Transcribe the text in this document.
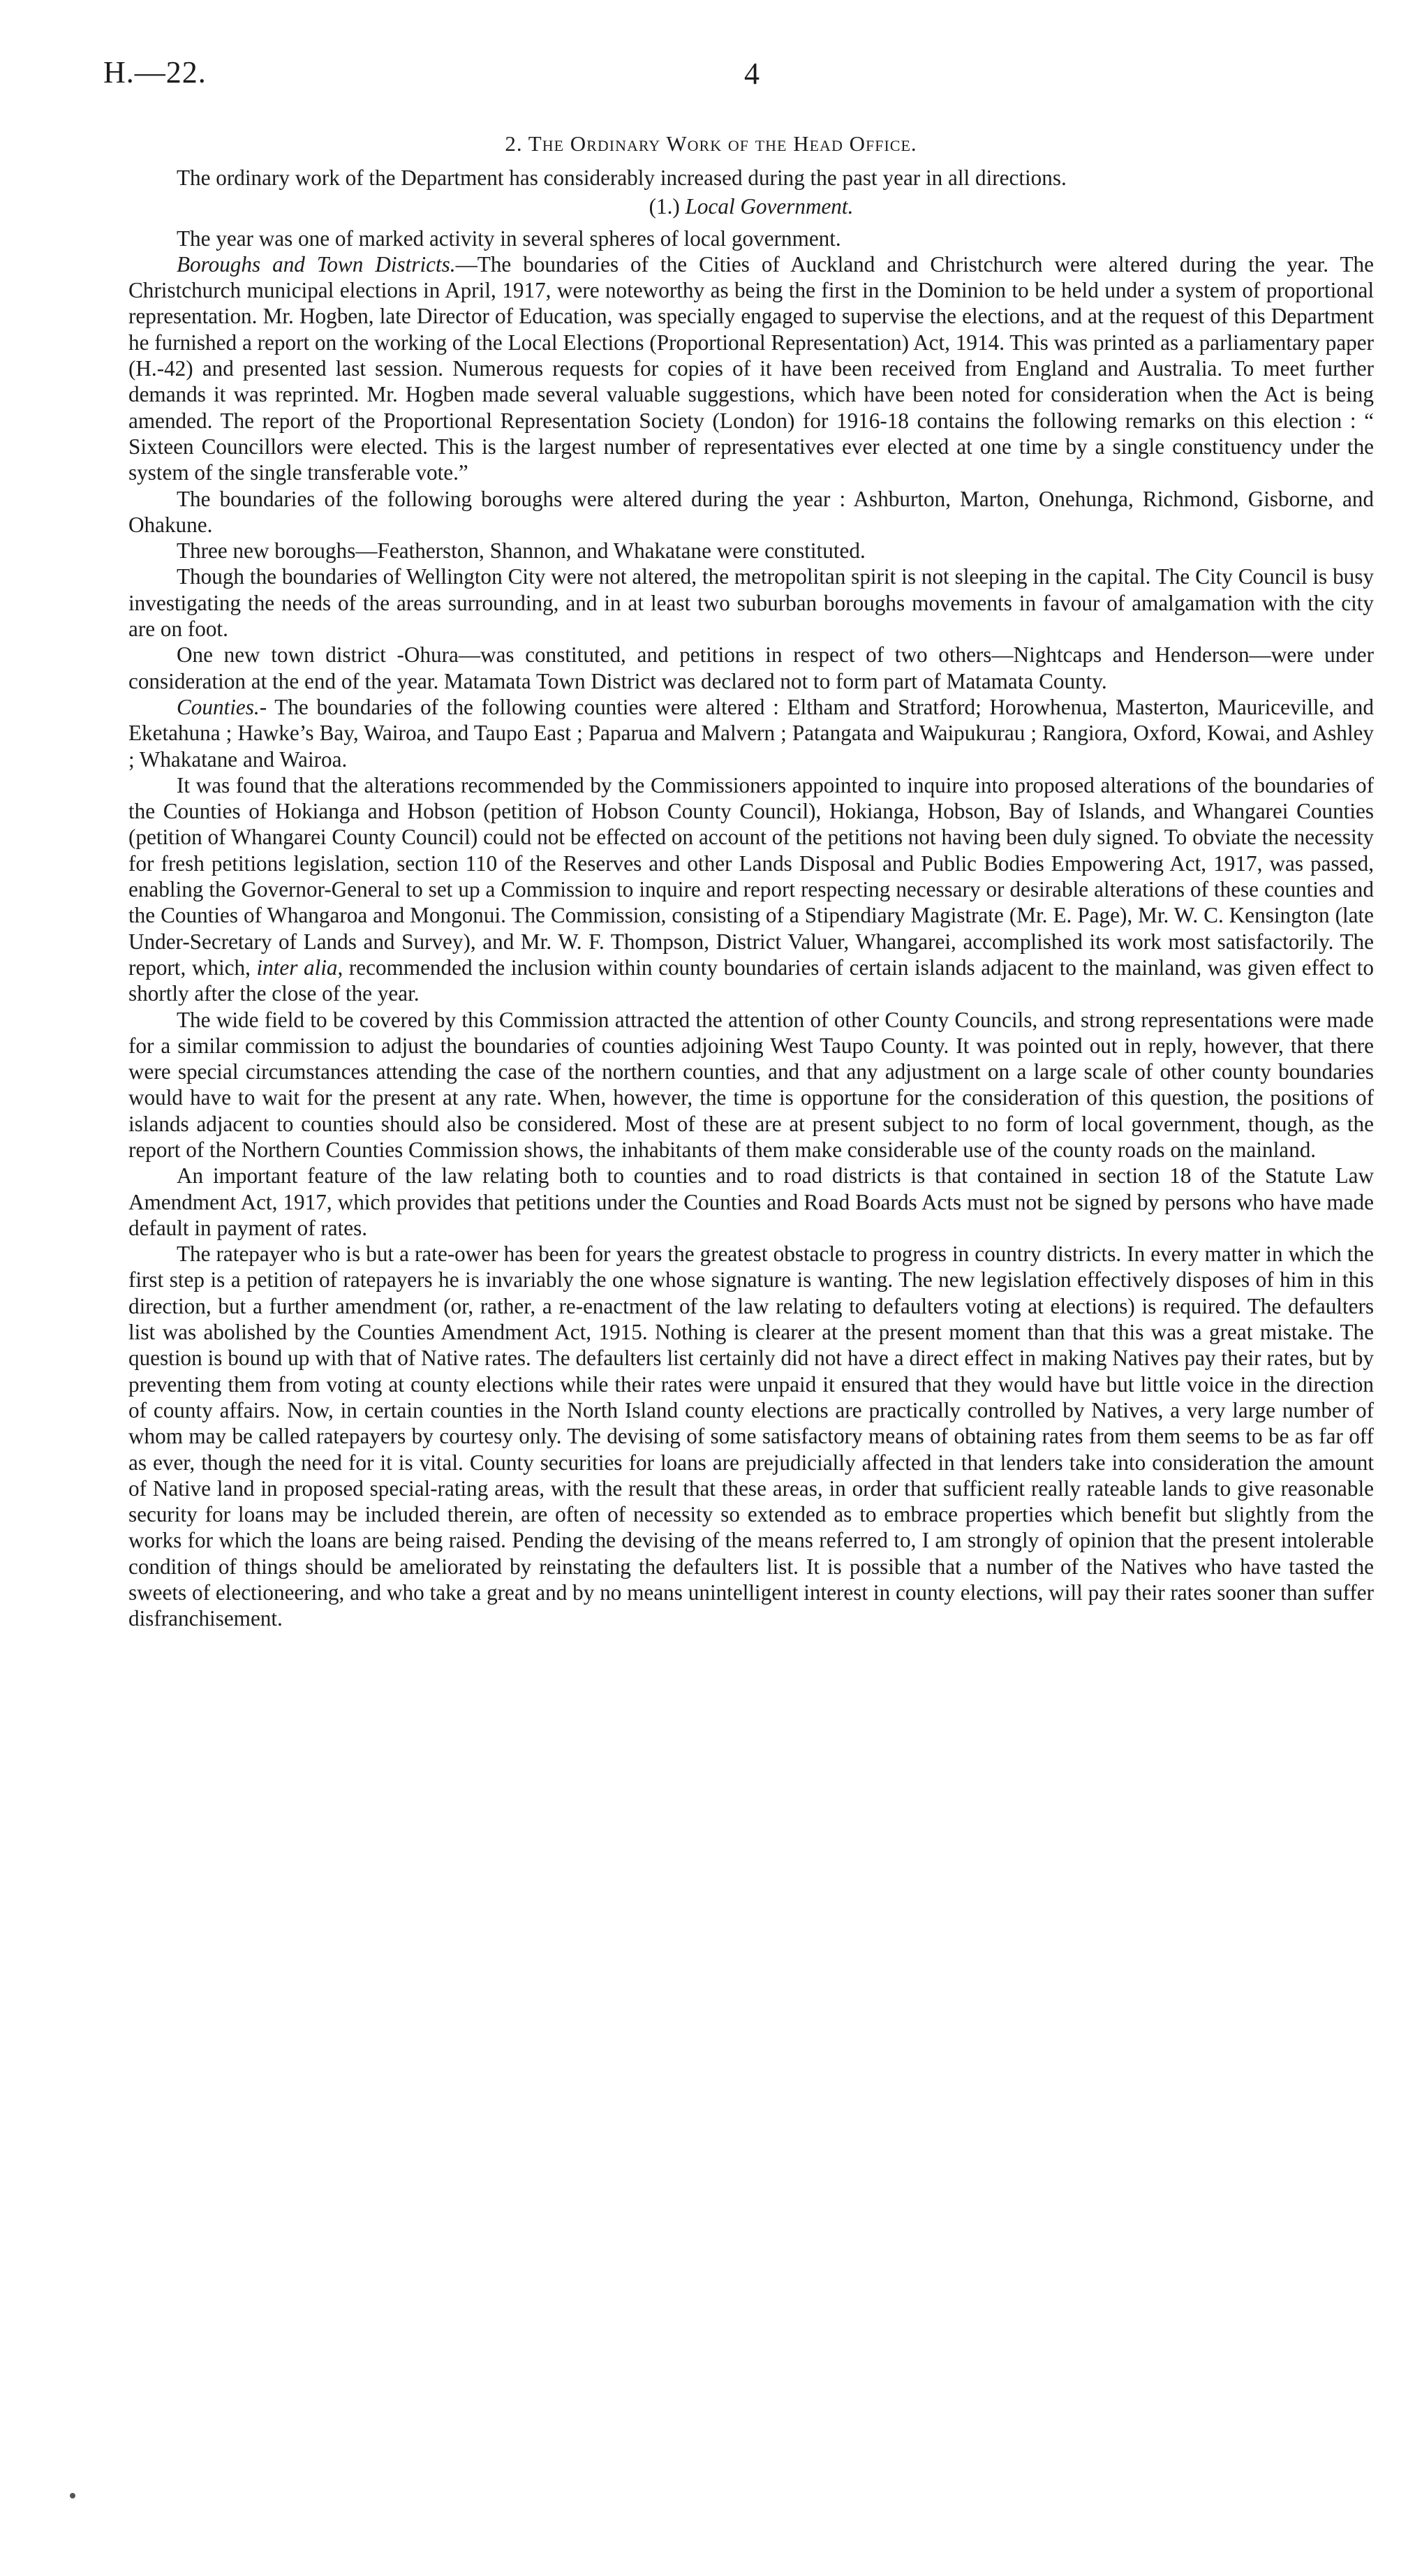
H.—22.	4
2. The Ordinary Work of the Head Office.

The ordinary work of the Department has considerably increased during the past year in all directions.

(1.) Local Government.

The year was one of marked activity in several spheres of local government.

Boroughs and Town Districts.—The boundaries of the Cities of Auckland and Christchurch were altered during the year. The Christchurch municipal elections in April, 1917, were noteworthy as being the first in the Dominion to be held under a system of proportional representation. Mr. Hogben, late Director of Education, was specially engaged to supervise the elections, and at the request of this Department he furnished a report on the working of the Local Elections (Proportional Representation) Act, 1914. This was printed as a parliamentary paper (H.-42) and presented last session. Numerous requests for copies of it have been received from England and Australia. To meet further demands it was reprinted. Mr. Hogben made several valuable suggestions, which have been noted for consideration when the Act is being amended. The report of the Proportional Representation Society (London) for 1916-18 contains the following remarks on this election : “ Sixteen Councillors were elected. This is the largest number of representatives ever elected at one time by a single constituency under the system of the single transferable vote.”

The boundaries of the following boroughs were altered during the year : Ashburton, Marton, Onehunga, Richmond, Gisborne, and Ohakune.

Three new boroughs—Featherston, Shannon, and Whakatane were constituted.

Though the boundaries of Wellington City were not altered, the metropolitan spirit is not sleeping in the capital. The City Council is busy investigating the needs of the areas surrounding, and in at least two suburban boroughs movements in favour of amalgamation with the city are on foot.

One new town district -Ohura—was constituted, and petitions in respect of two others—Nightcaps and Henderson—were under consideration at the end of the year. Matamata Town District was declared not to form part of Matamata County.

Counties.- The boundaries of the following counties were altered : Eltham and Stratford; Horowhenua, Masterton, Mauriceville, and Eketahuna ; Hawke’s Bay, Wairoa, and Taupo East ; Paparua and Malvern ; Patangata and Waipukurau ; Rangiora, Oxford, Kowai, and Ashley ; Whakatane and Wairoa.

It was found that the alterations recommended by the Commissioners appointed to inquire into proposed alterations of the boundaries of the Counties of Hokianga and Hobson (petition of Hobson County Council), Hokianga, Hobson, Bay of Islands, and Whangarei Counties (petition of Whangarei County Council) could not be effected on account of the petitions not having been duly signed. To obviate the necessity for fresh petitions legislation, section 110 of the Reserves and other Lands Disposal and Public Bodies Empowering Act, 1917, was passed, enabling the Governor-General to set up a Commission to inquire and report respecting necessary or desirable alterations of these counties and the Counties of Whangaroa and Mongonui. The Commission, consisting of a Stipendiary Magistrate (Mr. E. Page), Mr. W. C. Kensington (late Under-Secretary of Lands and Survey), and Mr. W. F. Thompson, District Valuer, Whangarei, accomplished its work most satisfactorily. The report, which, inter alia, recommended the inclusion within county boundaries of certain islands adjacent to the mainland, was given effect to shortly after the close of the year.

The wide field to be covered by this Commission attracted the attention of other County Councils, and strong representations were made for a similar commission to adjust the boundaries of counties adjoining West Taupo County. It was pointed out in reply, however, that there were special circumstances attending the case of the northern counties, and that any adjustment on a large scale of other county boundaries would have to wait for the present at any rate. When, however, the time is opportune for the consideration of this question, the positions of islands adjacent to counties should also be considered. Most of these are at present subject to no form of local government, though, as the report of the Northern Counties Commission shows, the inhabitants of them make considerable use of the county roads on the mainland.

An important feature of the law relating both to counties and to road districts is that contained in section 18 of the Statute Law Amendment Act, 1917, which provides that petitions under the Counties and Road Boards Acts must not be signed by persons who have made default in payment of rates.

The ratepayer who is but a rate-ower has been for years the greatest obstacle to progress in country districts. In every matter in which the first step is a petition of ratepayers he is invariably the one whose signature is wanting. The new legislation effectively disposes of him in this direction, but a further amendment (or, rather, a re-enactment of the law relating to defaulters voting at elections) is required. The defaulters list was abolished by the Counties Amendment Act, 1915. Nothing is clearer at the present moment than that this was a great mistake. The question is bound up with that of Native rates. The defaulters list certainly did not have a direct effect in making Natives pay their rates, but by preventing them from voting at county elections while their rates were unpaid it ensured that they would have but little voice in the direction of county affairs. Now, in certain counties in the North Island county elections are practically controlled by Natives, a very large number of whom may be called ratepayers by courtesy only. The devising of some satisfactory means of obtaining rates from them seems to be as far off as ever, though the need for it is vital. County securities for loans are prejudicially affected in that lenders take into consideration the amount of Native land in proposed special-rating areas, with the result that these areas, in order that sufficient really rateable lands to give reasonable security for loans may be included therein, are often of necessity so extended as to embrace properties which benefit but slightly from the works for which the loans are being raised. Pending the devising of the means referred to, I am strongly of opinion that the present intolerable condition of things should be ameliorated by reinstating the defaulters list. It is possible that a number of the Natives who have tasted the sweets of electioneering, and who take a great and by no means unintelligent interest in county elections, will pay their rates sooner than suffer disfranchisement.
